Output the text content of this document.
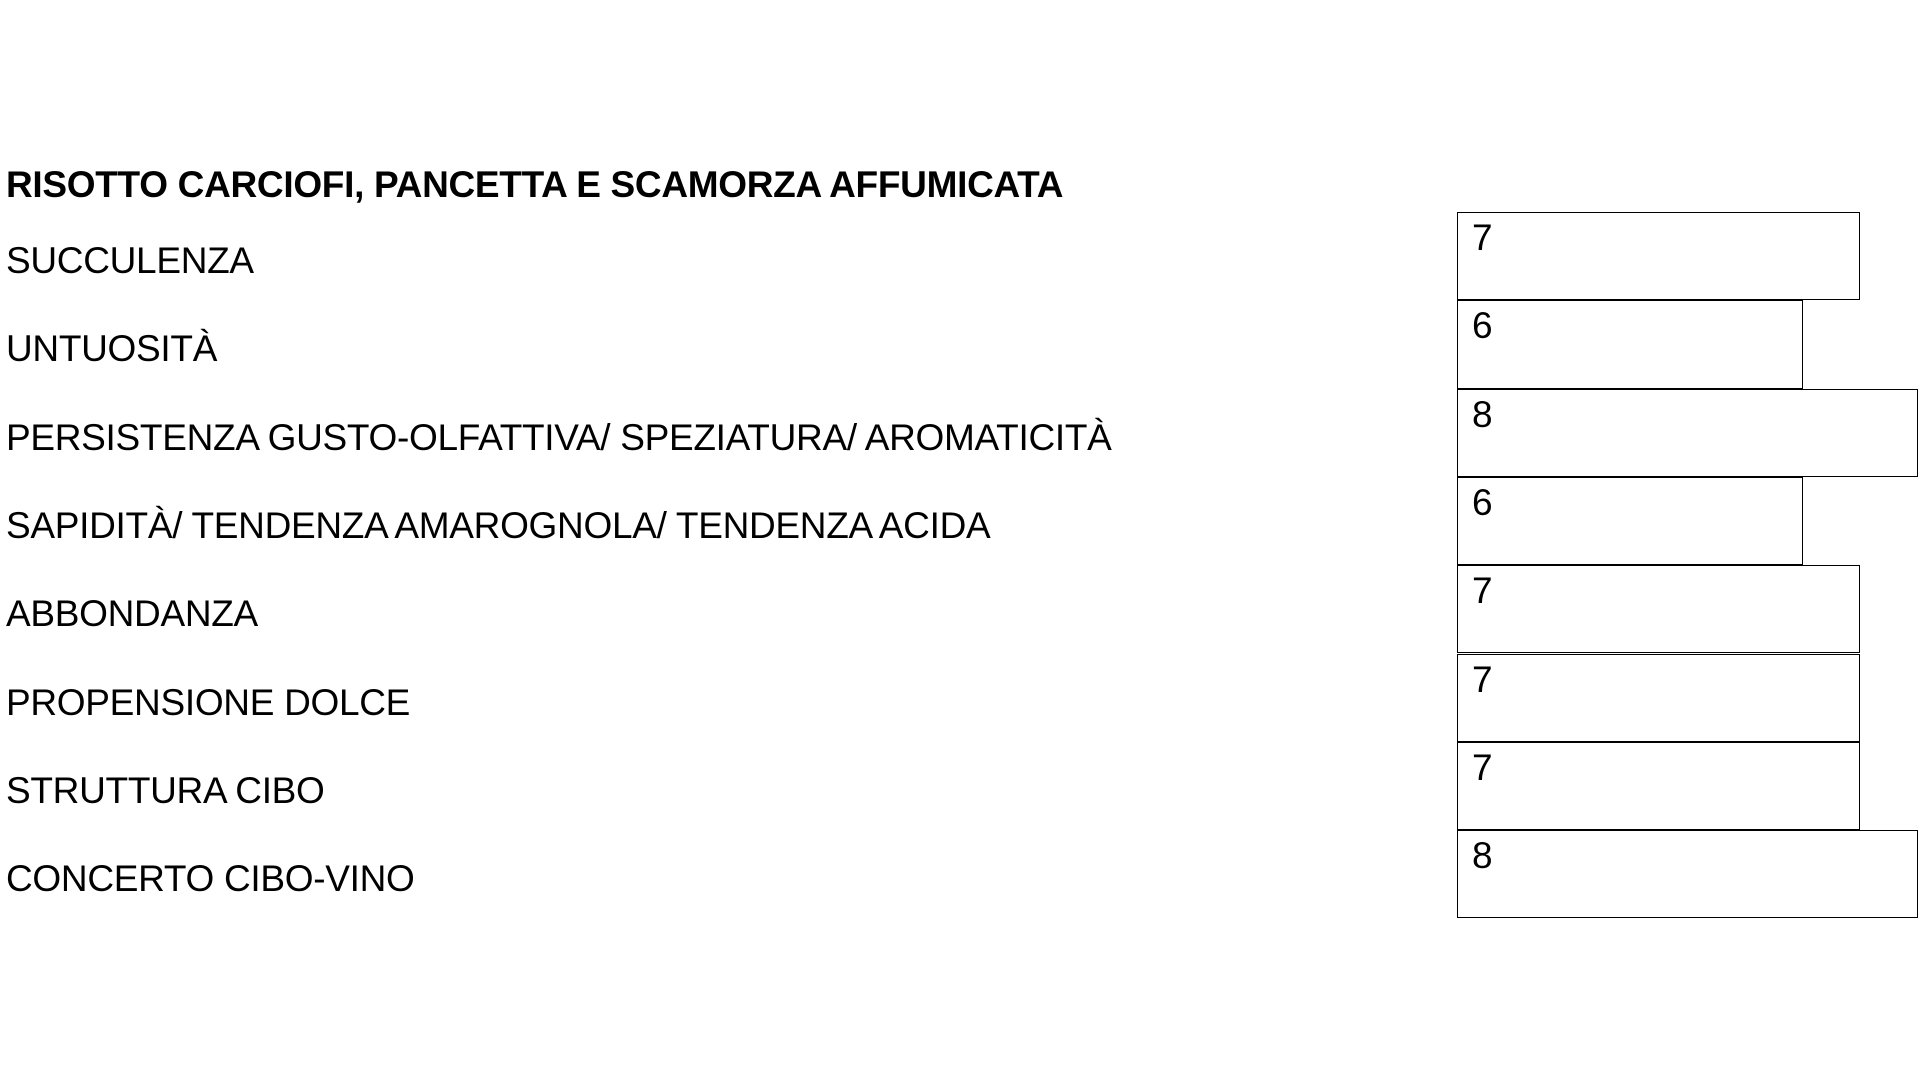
RISOTTO CARCIOFI, PANCETTA E SCAMORZA AFFUMICATA
SUCCULENZA
7
UNTUOSITÀ
6
PERSISTENZA GUSTO-OLFATTIVA/ SPEZIATURA/ AROMATICITÀ
8
SAPIDITÀ/ TENDENZA AMAROGNOLA/ TENDENZA ACIDA
6
ABBONDANZA
7
PROPENSIONE DOLCE
7
STRUTTURA CIBO
7
CONCERTO CIBO-VINO
8
